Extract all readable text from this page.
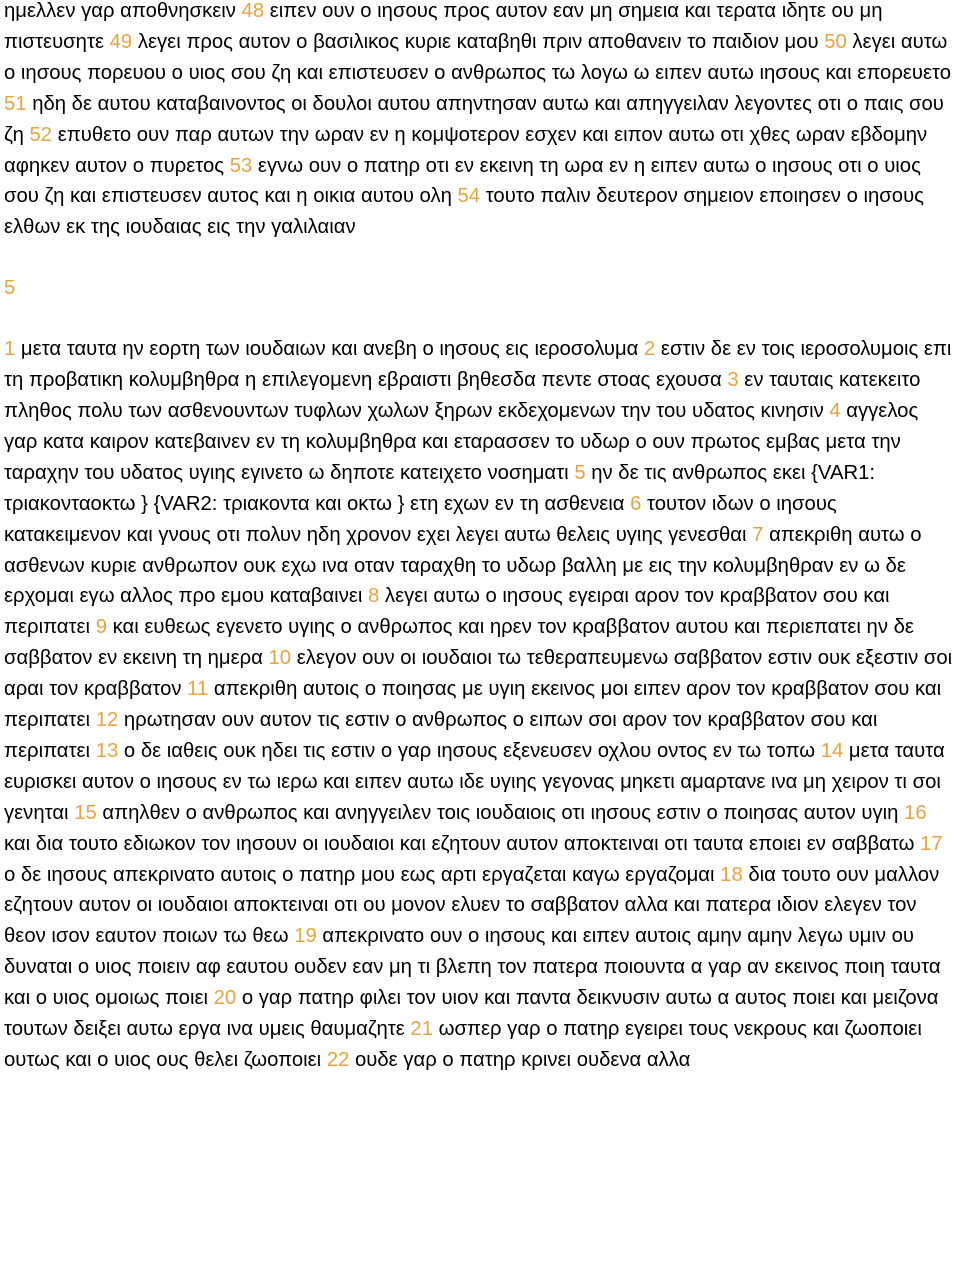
ημελλεν γαρ αποθνησκειν 48 ειπεν ουν ο ιησους προς αυτον εαν μη σημεια και τερατα ιδητε ου μη πιστευσητε 49 λεγει προς αυτον ο βασιλικος κυριε καταβηθι πριν αποθανειν το παιδιον μου 50 λεγει αυτω ο ιησους πορευου ο υιος σου ζη και επιστευσεν ο ανθρωπος τω λογω ω ειπεν αυτω ιησους και επορευετο 51 ηδη δε αυτου καταβαινοντος οι δουλοι αυτου απηντησαν αυτω και απηγγειλαν λεγοντες οτι ο παις σου ζη 52 επυθετο ουν παρ αυτων την ωραν εν η κομψοτερον εσχεν και ειπον αυτω οτι χθες ωραν εβδομην αφηκεν αυτον ο πυρετος 53 εγνω ουν ο πατηρ οτι εν εκεινη τη ωρα εν η ειπεν αυτω ο ιησους οτι ο υιος σου ζη και επιστευσεν αυτος και η οικια αυτου ολη 54 τουτο παλιν δευτερον σημειον εποιησεν ο ιησους ελθων εκ της ιουδαιας εις την γαλιλαιαν

5

1 μετα ταυτα ην εορτη των ιουδαιων και ανεβη ο ιησους εις ιεροσολυμα 2 εστιν δε εν τοις ιεροσολυμοις επι τη προβατικη κολυμβηθρα η επιλεγομενη εβραιστι βηθεσδα πεντε στοας εχουσα 3 εν ταυταις κατεκειτο πληθος πολυ των ασθενουντων τυφλων χωλων ξηρων εκδεχομενων την του υδατος κινησιν 4 αγγελος γαρ κατα καιρον κατεβαινεν εν τη κολυμβηθρα και εταρασσεν το υδωρ ο ουν πρωτος εμβας μετα την ταραχην του υδατος υγιης εγινετο ω δηποτε κατειχετο νοσηματι 5 ην δε τις ανθρωπος εκει {VAR1: τριακονταοκτω } {VAR2: τριακοντα και οκτω } ετη εχων εν τη ασθενεια 6 τουτον ιδων ο ιησους κατακειμενον και γνους οτι πολυν ηδη χρονον εχει λεγει αυτω θελεις υγιης γενεσθαι 7 απεκριθη αυτω ο ασθενων κυριε ανθρωπον ουκ εχω ινα οταν ταραχθη το υδωρ βαλλη με εις την κολυμβηθραν εν ω δε ερχομαι εγω αλλος προ εμου καταβαινει 8 λεγει αυτω ο ιησους εγειραι αρον τον κραββατον σου και περιπατει 9 και ευθεως εγενετο υγιης ο ανθρωπος και ηρεν τον κραββατον αυτου και περιεπατει ην δε σαββατον εν εκεινη τη ημερα 10 ελεγον ουν οι ιουδαιοι τω τεθεραπευμενω σαββατον εστιν ουκ εξεστιν σοι αραι τον κραββατον 11 απεκριθη αυτοις ο ποιησας με υγιη εκεινος μοι ειπεν αρον τον κραββατον σου και περιπατει 12 ηρωτησαν ουν αυτον τις εστιν ο ανθρωπος ο ειπων σοι αρον τον κραββατον σου και περιπατει 13 ο δε ιαθεις ουκ ηδει τις εστιν ο γαρ ιησους εξενευσεν οχλου οντος εν τω τοπω 14 μετα ταυτα ευρισκει αυτον ο ιησους εν τω ιερω και ειπεν αυτω ιδε υγιης γεγονας μηκετι αμαρτανε ινα μη χειρον τι σοι γενηται 15 απηλθεν ο ανθρωπος και ανηγγειλεν τοις ιουδαιοις οτι ιησους εστιν ο ποιησας αυτον υγιη 16 και δια τουτο εδιωκον τον ιησουν οι ιουδαιοι και εζητουν αυτον αποκτειναι οτι ταυτα εποιει εν σαββατω 17 ο δε ιησους απεκρινατο αυτοις ο πατηρ μου εως αρτι εργαζεται καγω εργαζομαι 18 δια τουτο ουν μαλλον εζητουν αυτον οι ιουδαιοι αποκτειναι οτι ου μονον ελυεν το σαββατον αλλα και πατερα ιδιον ελεγεν τον θεον ισον εαυτον ποιων τω θεω 19 απεκρινατο ουν ο ιησους και ειπεν αυτοις αμην αμην λεγω υμιν ου δυναται ο υιος ποιειν αφ εαυτου ουδεν εαν μη τι βλεπη τον πατερα ποιουντα α γαρ αν εκεινος ποιη ταυτα και ο υιος ομοιως ποιει 20 ο γαρ πατηρ φιλει τον υιον και παντα δεικνυσιν αυτω α αυτος ποιει και μειζονα τουτων δειξει αυτω εργα ινα υμεις θαυμαζητε 21 ωσπερ γαρ ο πατηρ εγειρει τους νεκρους και ζωοποιει ουτως και ο υιος ους θελει ζωοποιει 22 ουδε γαρ ο πατηρ κρινει ουδενα αλλα
